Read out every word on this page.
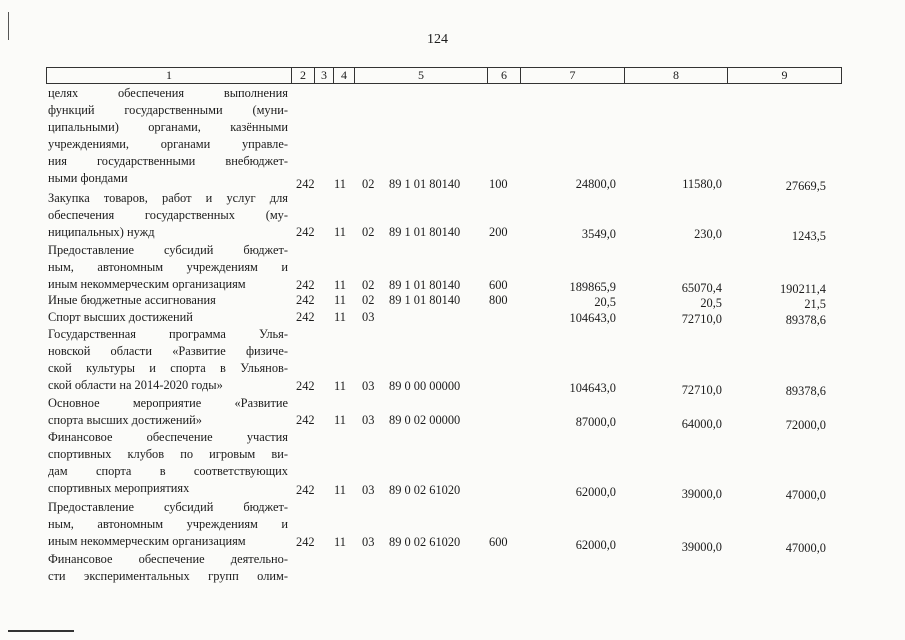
124
1	2	3	4	5	6	7	8	9
целях обеспечения выполнения
функций государственными (муни-
ципальными) органами, казёнными
учреждениями, органами управле-
ния государственными внебюджет-
ными фондами	242 11 02 89 1 01 80140 100	24800,0	11580,0	27669,5
Закупка товаров, работ и услуг для
обеспечения государственных (му-
ниципальных) нужд	242 11 02 89 1 01 80140 200	3549,0	230,0	1243,5
Предоставление субсидий бюджет-
ным, автономным учреждениям и
иным некоммерческим организациям	242 11 02 89 1 01 80140 600	189865,9	65070,4	190211,4
Иные бюджетные ассигнования	242 11 02 89 1 01 80140 800	20,5	20,5	21,5
Спорт высших достижений	242 11 03	104643,0	72710,0	89378,6
Государственная программа Улья-
новской области «Развитие физиче-
ской культуры и спорта в Ульянов-
ской области на 2014-2020 годы»	242 11 03 89 0 00 00000	104643,0	72710,0	89378,6
Основное мероприятие «Развитие
спорта высших достижений»	242 11 03 89 0 02 00000	87000,0	64000,0	72000,0
Финансовое обеспечение участия
спортивных клубов по игровым ви-
дам спорта в соответствующих
спортивных мероприятиях	242 11 03 89 0 02 61020	62000,0	39000,0	47000,0
Предоставление субсидий бюджет-
ным, автономным учреждениям и
иным некоммерческим организациям	242 11 03 89 0 02 61020 600	62000,0	39000,0	47000,0
Финансовое обеспечение деятельно-
сти экспериментальных групп олим-
